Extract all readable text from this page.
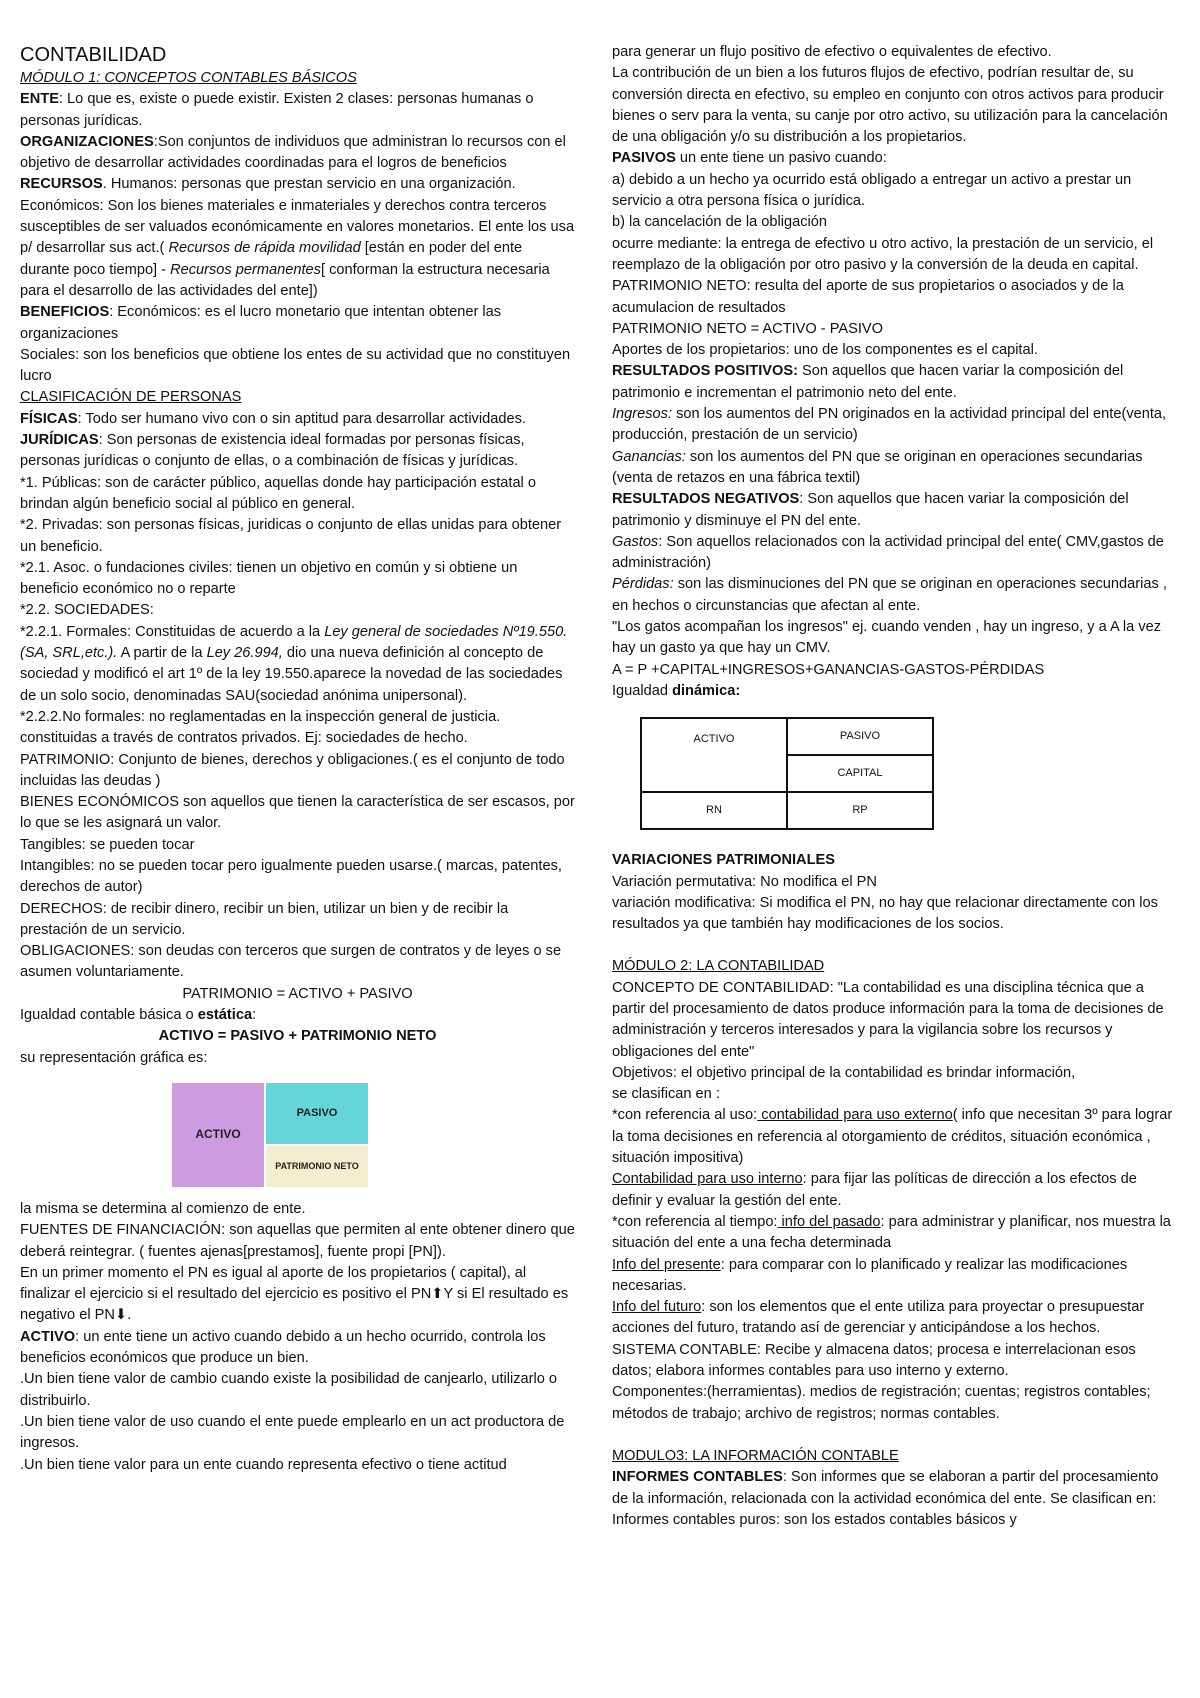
CONTABILIDAD

MÓDULO 1: CONCEPTOS CONTABLES BÁSICOS

ENTE: Lo que es, existe o puede existir. Existen 2 clases: personas humanas o personas jurídicas.

ORGANIZACIONES:Son conjuntos de individuos que administran lo recursos con el objetivo de desarrollar actividades coordinadas para el logros de beneficios

RECURSOS. Humanos: personas que prestan servicio en una organización. Económicos: Son los bienes materiales e inmateriales y derechos contra terceros susceptibles de ser valuados económicamente en valores monetarios. El ente los usa p/ desarrollar sus act.( Recursos de rápida movilidad [están en poder del ente durante poco tiempo] - Recursos permanentes[ conforman la estructura necesaria para el desarrollo de las actividades del ente])

BENEFICIOS: Económicos: es el lucro monetario que intentan obtener las organizaciones

Sociales: son los beneficios que obtiene los entes de su actividad que no constituyen lucro

CLASIFICACIÓN DE PERSONAS

FÍSICAS: Todo ser humano vivo con o sin aptitud para desarrollar actividades.

JURÍDICAS: Son personas de existencia ideal formadas por personas físicas, personas jurídicas o conjunto de ellas, o a combinación de físicas y jurídicas.

*1. Públicas: son de carácter público, aquellas donde hay participación estatal o brindan algún beneficio social al público en general.

*2. Privadas: son personas físicas, juridicas o conjunto de ellas unidas para obtener un beneficio.

*2.1. Asoc. o fundaciones civiles: tienen un objetivo en común y si obtiene un beneficio económico no o reparte

*2.2. SOCIEDADES:

*2.2.1. Formales: Constituidas de acuerdo a la Ley general de sociedades Nº19.550. (SA, SRL,etc.). A partir de la Ley 26.994, dio una nueva definición al concepto de sociedad y modificó el art 1º de la ley 19.550.aparece la novedad de las sociedades de un solo socio, denominadas SAU(sociedad anónima unipersonal).

*2.2.2.No formales: no reglamentadas en la inspección general de justicia. constituidas a través de contratos privados. Ej: sociedades de hecho.

PATRIMONIO: Conjunto de bienes, derechos y obligaciones.( es el conjunto de todo incluidas las deudas )

BIENES ECONÓMICOS son aquellos que tienen la característica de ser escasos, por lo que se les asignará un valor.

Tangibles: se pueden tocar

Intangibles: no se pueden tocar pero igualmente pueden usarse.( marcas, patentes, derechos de autor)

DERECHOS: de recibir dinero, recibir un bien, utilizar un bien y de recibir la prestación de un servicio.

OBLIGACIONES: son deudas con terceros que surgen de contratos y de leyes o se asumen voluntariamente.

PATRIMONIO = ACTIVO + PASIVO

Igualdad contable básica o estática:

ACTIVO = PASIVO + PATRIMONIO NETO

su representación gráfica es:

ACTIVO
PASIVO
PATRIMONIO NETO

la misma se determina al comienzo de ente.

FUENTES DE FINANCIACIÓN: son aquellas que permiten al ente obtener dinero que deberá reintegrar. ( fuentes ajenas[prestamos], fuente propi [PN]).

En un primer momento el PN es igual al aporte de los propietarios ( capital), al finalizar el ejercicio si el resultado del ejercicio es positivo el PN⬆Y si El resultado es negativo el PN⬇.

ACTIVO: un ente tiene un activo cuando debido a un hecho ocurrido, controla los beneficios económicos que produce un bien.

.Un bien tiene valor de cambio cuando existe la posibilidad de canjearlo, utilizarlo o distribuirlo.

.Un bien tiene valor de uso cuando el ente puede emplearlo en un act productora de ingresos.

.Un bien tiene valor para un ente cuando representa efectivo o tiene actitud

para generar un flujo positivo de efectivo o equivalentes de efectivo.

La contribución de un bien a los futuros flujos de efectivo, podrían resultar de, su conversión directa en efectivo, su empleo en conjunto con otros activos para producir bienes o serv para la venta, su canje por otro activo, su utilización para la cancelación de una obligación y/o su distribución a los propietarios.

PASIVOS un ente tiene un pasivo cuando:

a) debido a un hecho ya ocurrido está obligado a entregar un activo a prestar un servicio a otra persona física o jurídica.

b) la cancelación de la obligación

ocurre mediante: la entrega de efectivo u otro activo, la prestación de un servicio, el reemplazo de la obligación por otro pasivo y la conversión de la deuda en capital.

PATRIMONIO NETO: resulta del aporte de sus propietarios o asociados y de la acumulacion de resultados

PATRIMONIO NETO = ACTIVO - PASIVO

Aportes de los propietarios: uno de los componentes es el capital.

RESULTADOS POSITIVOS: Son aquellos que hacen variar la composición del patrimonio e incrementan el patrimonio neto del ente.

Ingresos: son los aumentos del PN originados en la actividad principal del ente(venta, producción, prestación de un servicio)

Ganancias: son los aumentos del PN que se originan en operaciones secundarias (venta de retazos en una fábrica textil)

RESULTADOS NEGATIVOS: Son aquellos que hacen variar la composición del patrimonio y disminuye el PN del ente.

Gastos: Son aquellos relacionados con la actividad principal del ente( CMV,gastos de administración)

Pérdidas: son las disminuciones del PN que se originan en operaciones secundarias , en hechos o circunstancias que afectan al ente.

"Los gatos acompañan los ingresos" ej. cuando venden , hay un ingreso, y a A la vez hay un gasto ya que hay un CMV.

A = P +CAPITAL+INGRESOS+GANANCIAS-GASTOS-PÉRDIDAS

Igualdad dinámica:

ACTIVO	PASIVO
	CAPITAL
RN	RP

VARIACIONES PATRIMONIALES

Variación permutativa: No modifica el PN

variación modificativa: Si modifica el PN, no hay que relacionar directamente con los resultados ya que también hay modificaciones de los socios.

MÓDULO 2: LA CONTABILIDAD

CONCEPTO DE CONTABILIDAD: "La contabilidad es una disciplina técnica que a partir del procesamiento de datos produce información para la toma de decisiones de administración y terceros interesados y para la vigilancia sobre los recursos y obligaciones del ente"

Objetivos: el objetivo principal de la contabilidad es brindar información,

se clasifican en :

*con referencia al uso: contabilidad para uso externo( info que necesitan 3º para lograr la toma decisiones en referencia al otorgamiento de créditos, situación económica , situación impositiva)

Contabilidad para uso interno: para fijar las políticas de dirección a los efectos de definir y evaluar la gestión del ente.

*con referencia al tiempo: info del pasado: para administrar y planificar, nos muestra la situación del ente a una fecha determinada

Info del presente: para comparar con lo planificado y realizar las modificaciones necesarias.

Info del futuro: son los elementos que el ente utiliza para proyectar o presupuestar acciones del futuro, tratando así de gerenciar y anticipándose a los hechos.

SISTEMA CONTABLE: Recibe y almacena datos; procesa e interrelacionan esos datos; elabora informes contables para uso interno y externo.

Componentes:(herramientas). medios de registración; cuentas; registros contables; métodos de trabajo; archivo de registros; normas contables.

MODULO3: LA INFORMACIÓN CONTABLE

INFORMES CONTABLES: Son informes que se elaboran a partir del procesamiento de la información, relacionada con la actividad económica del ente. Se clasifican en:

Informes contables puros: son los estados contables básicos y
